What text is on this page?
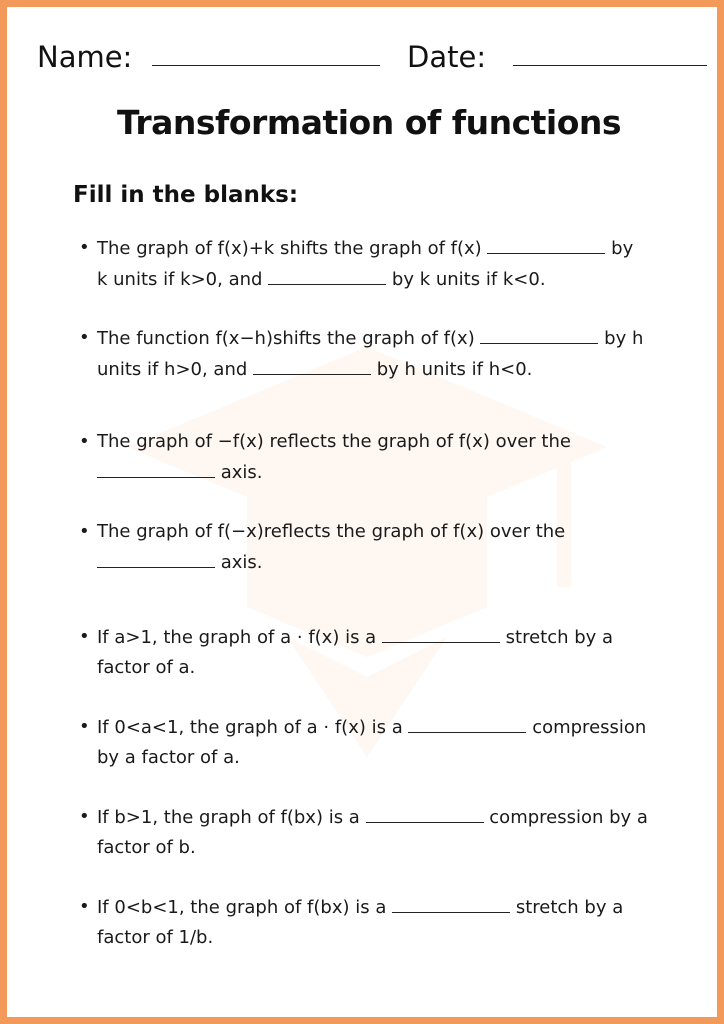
Name:	Date:
Transformation of functions
Fill in the blanks:
• The graph of f(x)+k shifts the graph of f(x)	by k units if k>0, and	by k units if k<0.
• The function f(x−h)shifts the graph of f(x)	by h units if h>0, and	by h units if h<0.
• The graph of −f(x) reflects the graph of f(x) over the  axis.
• The graph of f(−x)reflects the graph of f(x) over the  axis.
• If a>1, the graph of a · f(x) is a	stretch by a factor of a.
• If 0<a<1, the graph of a · f(x) is a	compression by a factor of a.
• If b>1, the graph of f(bx) is a	compression by a factor of b.
• If 0<b<1, the graph of f(bx) is a	stretch by a factor of 1/b.
